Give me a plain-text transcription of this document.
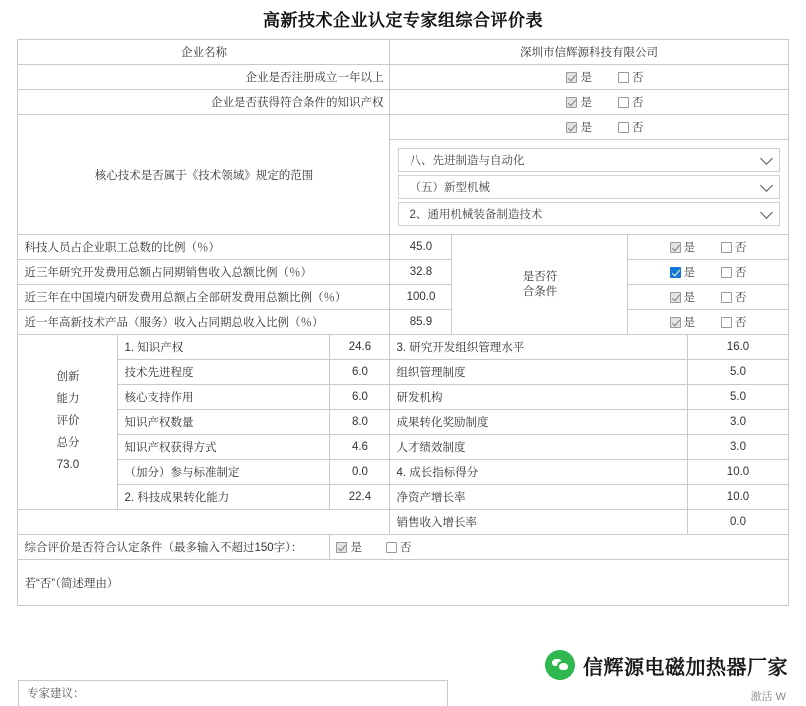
高新技术企业认定专家组综合评价表
企业名称			深圳市信辉源科技有限公司			
企业是否注册成立一年以上			是 否			

企业是否获得符合条件的知识产权			是 否			

核心技术是否属于《技术领域》规定的范围			是 否			

			八、先进制造与自动化
（五）新型机械
2、通用机械装备制造技术			

科技人员占企业职工总数的比例（％）			45.0	是否符合条件	是 否	

近三年研究开发费用总额占同期销售收入总额比例（％）			32.8		是 否	

近三年在中国境内研发费用总额占全部研发费用总额比例（％）			100.0		是 否	

近一年高新技术产品（服务）收入占同期总收入比例（％）			85.9		是 否	

创新
能力
评价
总分
73.0	1. 知识产权	24.6	3. 研究开发组织管理水平			16.0
	技术先进程度	6.0	组织管理制度			5.0
	核心支持作用	6.0	研发机构			5.0
	知识产权数量	8.0	成果转化奖励制度			3.0
	知识产权获得方式	4.6	人才绩效制度			3.0
	（加分）参与标准制定	0.0	4. 成长指标得分			10.0
	2. 科技成果转化能力	22.4	净资产增长率			10.0
			销售收入增长率			0.0
综合评价是否符合认定条件（最多输入不超过150字）：		是 否				

若“否”（简述理由）						
专家建议：
信辉源电磁加热器厂家
激活 W
